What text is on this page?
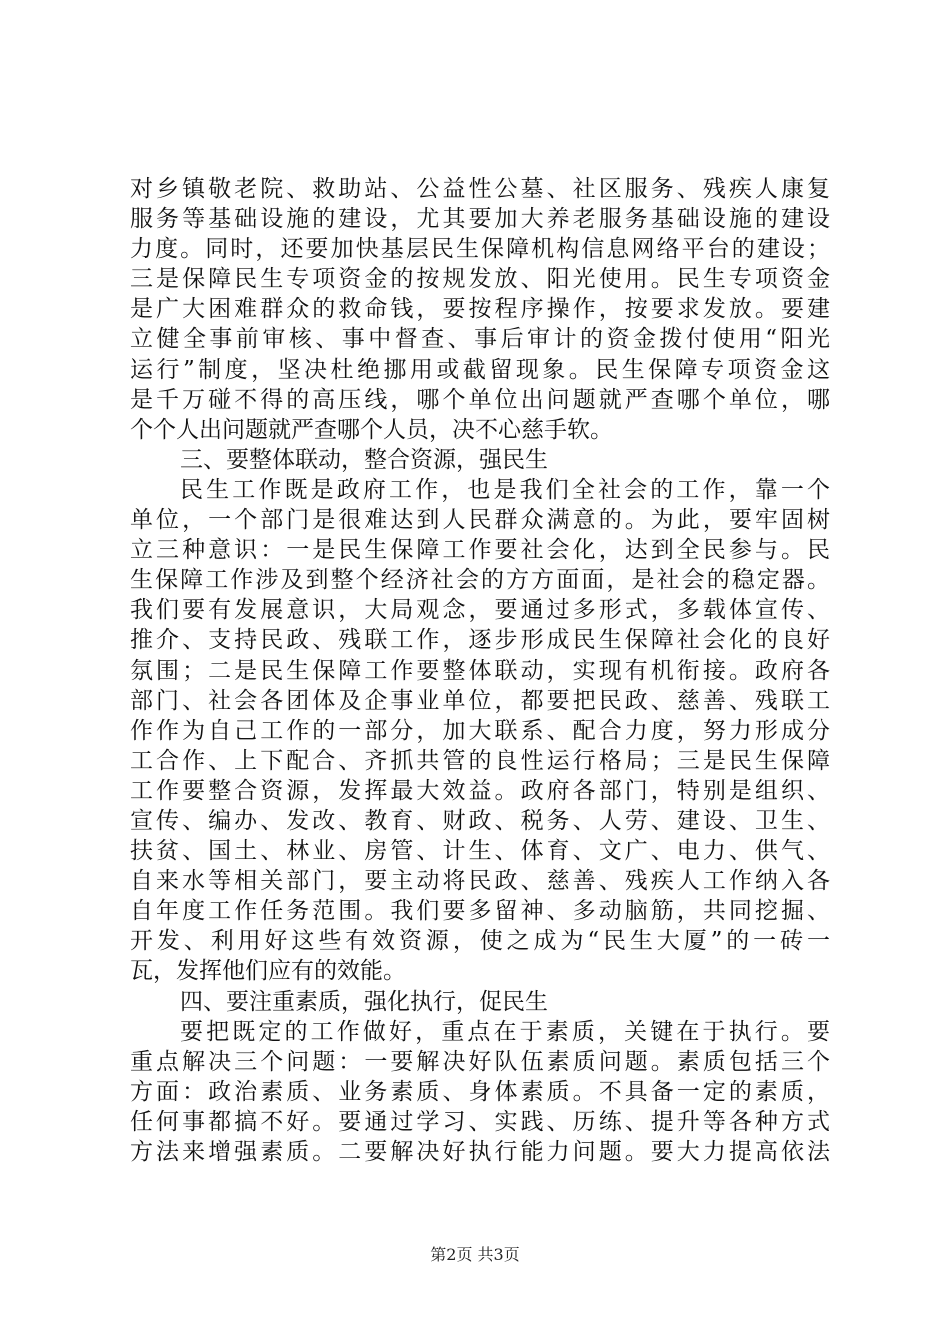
对乡镇敬老院、救助站、公益性公墓、社区服务、残疾人康复
服务等基础设施的建设，尤其要加大养老服务基础设施的建设
力度。同时，还要加快基层民生保障机构信息网络平台的建设；
三是保障民生专项资金的按规发放、阳光使用。民生专项资金
是广大困难群众的救命钱，要按程序操作，按要求发放。要建
立健全事前审核、事中督查、事后审计的资金拨付使用“阳光
运行”制度，坚决杜绝挪用或截留现象。民生保障专项资金这
是千万碰不得的高压线，哪个单位出问题就严查哪个单位，哪
个个人出问题就严查哪个人员，决不心慈手软。
三、要整体联动，整合资源，强民生
民生工作既是政府工作，也是我们全社会的工作，靠一个
单位，一个部门是很难达到人民群众满意的。为此，要牢固树
立三种意识：一是民生保障工作要社会化，达到全民参与。民
生保障工作涉及到整个经济社会的方方面面，是社会的稳定器。
我们要有发展意识，大局观念，要通过多形式，多载体宣传、
推介、支持民政、残联工作，逐步形成民生保障社会化的良好
氛围；二是民生保障工作要整体联动，实现有机衔接。政府各
部门、社会各团体及企事业单位，都要把民政、慈善、残联工
作作为自己工作的一部分，加大联系、配合力度，努力形成分
工合作、上下配合、齐抓共管的良性运行格局；三是民生保障
工作要整合资源，发挥最大效益。政府各部门，特别是组织、
宣传、编办、发改、教育、财政、税务、人劳、建设、卫生、
扶贫、国土、林业、房管、计生、体育、文广、电力、供气、
自来水等相关部门，要主动将民政、慈善、残疾人工作纳入各
自年度工作任务范围。我们要多留神、多动脑筋，共同挖掘、
开发、利用好这些有效资源，使之成为“民生大厦”的一砖一
瓦，发挥他们应有的效能。
四、要注重素质，强化执行，促民生
要把既定的工作做好，重点在于素质，关键在于执行。要
重点解决三个问题：一要解决好队伍素质问题。素质包括三个
方面：政治素质、业务素质、身体素质。不具备一定的素质，
任何事都搞不好。要通过学习、实践、历练、提升等各种方式
方法来增强素质。二要解决好执行能力问题。要大力提高依法
第2页 共3页
